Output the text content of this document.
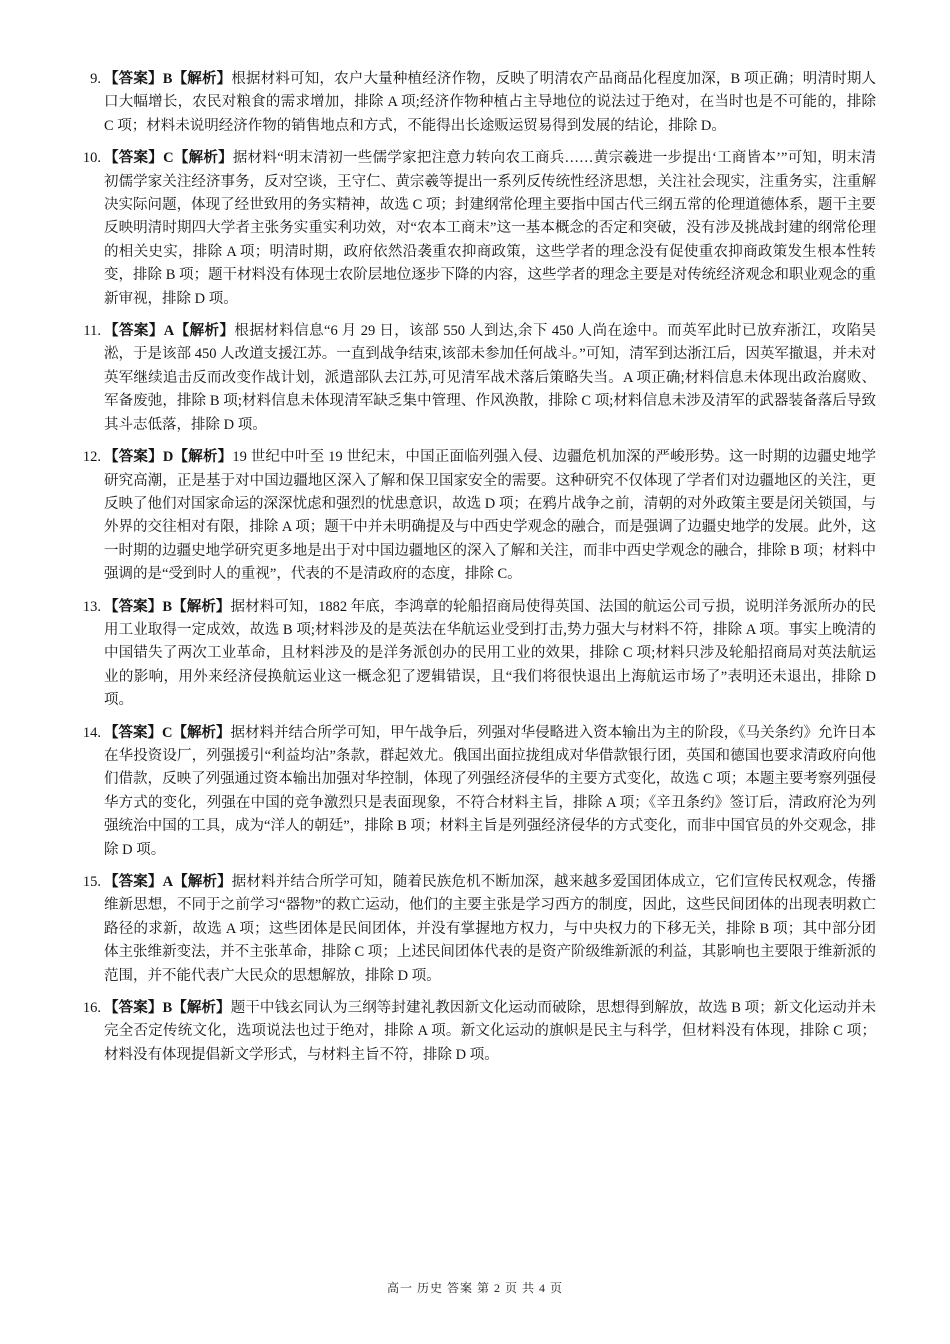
9. 【答案】B【解析】根据材料可知，农户大量种植经济作物，反映了明清农产品商品化程度加深，B 项正确；明清时期人口大幅增长，农民对粮食的需求增加，排除 A 项;经济作物种植占主导地位的说法过于绝对，在当时也是不可能的，排除 C 项；材料未说明经济作物的销售地点和方式，不能得出长途贩运贸易得到发展的结论，排除 D。

10. 【答案】C【解析】据材料“明末清初一些儒学家把注意力转向农工商兵……黄宗羲进一步提出‘工商皆本’”可知，明末清初儒学家关注经济事务，反对空谈，王守仁、黄宗羲等提出一系列反传统性经济思想，关注社会现实，注重务实，注重解决实际问题，体现了经世致用的务实精神，故选 C 项；封建纲常伦理主要指中国古代三纲五常的伦理道德体系，题干主要反映明清时期四大学者主张务实重实利功效，对“农本工商末”这一基本概念的否定和突破，没有涉及挑战封建的纲常伦理的相关史实，排除 A 项；明清时期，政府依然沿袭重农抑商政策，这些学者的理念没有促使重农抑商政策发生根本性转变，排除 B 项；题干材料没有体现士农阶层地位逐步下降的内容，这些学者的理念主要是对传统经济观念和职业观念的重新审视，排除 D 项。

11. 【答案】A【解析】根据材料信息“6 月 29 日，该部 550 人到达,余下 450 人尚在途中。而英军此时已放弃浙江，攻陷吴淞，于是该部 450 人改道支援江苏。一直到战争结束,该部未参加任何战斗。”可知，清军到达浙江后，因英军撤退，并未对英军继续追击反而改变作战计划，派遣部队去江苏,可见清军战术落后策略失当。A 项正确;材料信息未体现出政治腐败、军备废弛，排除 B 项;材料信息未体现清军缺乏集中管理、作风涣散，排除 C 项;材料信息未涉及清军的武器装备落后导致其斗志低落，排除 D 项。

12. 【答案】D【解析】19 世纪中叶至 19 世纪末，中国正面临列强入侵、边疆危机加深的严峻形势。这一时期的边疆史地学研究高潮，正是基于对中国边疆地区深入了解和保卫国家安全的需要。这种研究不仅体现了学者们对边疆地区的关注，更反映了他们对国家命运的深深忧虑和强烈的忧患意识，故选 D 项；在鸦片战争之前，清朝的对外政策主要是闭关锁国，与外界的交往相对有限，排除 A 项；题干中并未明确提及与中西史学观念的融合，而是强调了边疆史地学的发展。此外，这一时期的边疆史地学研究更多地是出于对中国边疆地区的深入了解和关注，而非中西史学观念的融合，排除 B 项；材料中强调的是“受到时人的重视”，代表的不是清政府的态度，排除 C。

13. 【答案】B【解析】据材料可知，1882 年底，李鸿章的轮船招商局使得英国、法国的航运公司亏损，说明洋务派所办的民用工业取得一定成效，故选 B 项;材料涉及的是英法在华航运业受到打击,势力强大与材料不符，排除 A 项。事实上晚清的中国错失了两次工业革命，且材料涉及的是洋务派创办的民用工业的效果，排除 C 项;材料只涉及轮船招商局对英法航运业的影响，用外来经济侵换航运业这一概念犯了逻辑错误，且“我们将很快退出上海航运市场了”表明还未退出，排除 D 项。

14. 【答案】C【解析】据材料并结合所学可知，甲午战争后，列强对华侵略进入资本输出为主的阶段，《马关条约》允许日本在华投资设厂，列强援引“利益均沾”条款，群起效尤。俄国出面拉拢组成对华借款银行团，英国和德国也要求清政府向他们借款，反映了列强通过资本输出加强对华控制，体现了列强经济侵华的主要方式变化，故选 C 项；本题主要考察列强侵华方式的变化，列强在中国的竞争激烈只是表面现象，不符合材料主旨，排除 A 项；《辛丑条约》签订后，清政府沦为列强统治中国的工具，成为“洋人的朝廷”，排除 B 项；材料主旨是列强经济侵华的方式变化，而非中国官员的外交观念，排除 D 项。

15. 【答案】A【解析】据材料并结合所学可知，随着民族危机不断加深，越来越多爱国团体成立，它们宣传民权观念，传播维新思想，不同于之前学习“器物”的救亡运动，他们的主要主张是学习西方的制度，因此，这些民间团体的出现表明救亡路径的求新，故选 A 项；这些团体是民间团体，并没有掌握地方权力，与中央权力的下移无关，排除 B 项；其中部分团体主张维新变法，并不主张革命，排除 C 项；上述民间团体代表的是资产阶级维新派的利益，其影响也主要限于维新派的范围，并不能代表广大民众的思想解放，排除 D 项。

16. 【答案】B【解析】题干中钱玄同认为三纲等封建礼教因新文化运动而破除，思想得到解放，故选 B 项；新文化运动并未完全否定传统文化，选项说法也过于绝对，排除 A 项。新文化运动的旗帜是民主与科学，但材料没有体现，排除 C 项；材料没有体现提倡新文学形式，与材料主旨不符，排除 D 项。

高一 历史 答案 第 2 页 共 4 页
